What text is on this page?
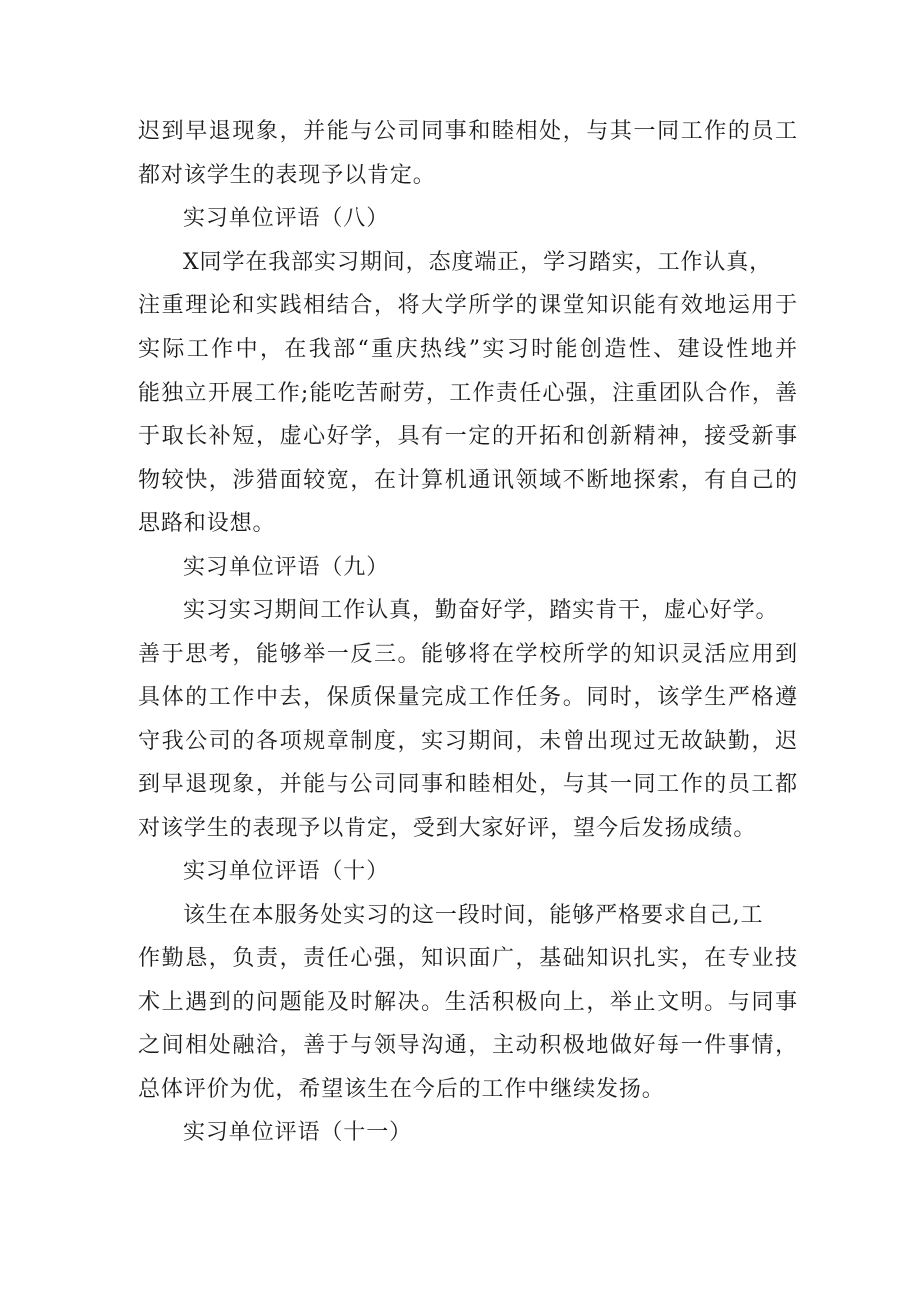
迟到早退现象，并能与公司同事和睦相处，与其一同工作的员工
都对该学生的表现予以肯定。
实习单位评语（八）
X同学在我部实习期间，态度端正，学习踏实，工作认真，
注重理论和实践相结合，将大学所学的课堂知识能有效地运用于
实际工作中，在我部“重庆热线”实习时能创造性、建设性地并
能独立开展工作;能吃苦耐劳，工作责任心强，注重团队合作，善
于取长补短，虚心好学，具有一定的开拓和创新精神，接受新事
物较快，涉猎面较宽，在计算机通讯领域不断地探索，有自己的
思路和设想。
实习单位评语（九）
实习实习期间工作认真，勤奋好学，踏实肯干，虚心好学。
善于思考，能够举一反三。能够将在学校所学的知识灵活应用到
具体的工作中去，保质保量完成工作任务。同时，该学生严格遵
守我公司的各项规章制度，实习期间，未曾出现过无故缺勤，迟
到早退现象，并能与公司同事和睦相处，与其一同工作的员工都
对该学生的表现予以肯定，受到大家好评，望今后发扬成绩。
实习单位评语（十）
该生在本服务处实习的这一段时间，能够严格要求自己,工
作勤恳，负责，责任心强，知识面广，基础知识扎实，在专业技
术上遇到的问题能及时解决。生活积极向上，举止文明。与同事
之间相处融洽，善于与领导沟通，主动积极地做好每一件事情，
总体评价为优，希望该生在今后的工作中继续发扬。
实习单位评语（十一）
